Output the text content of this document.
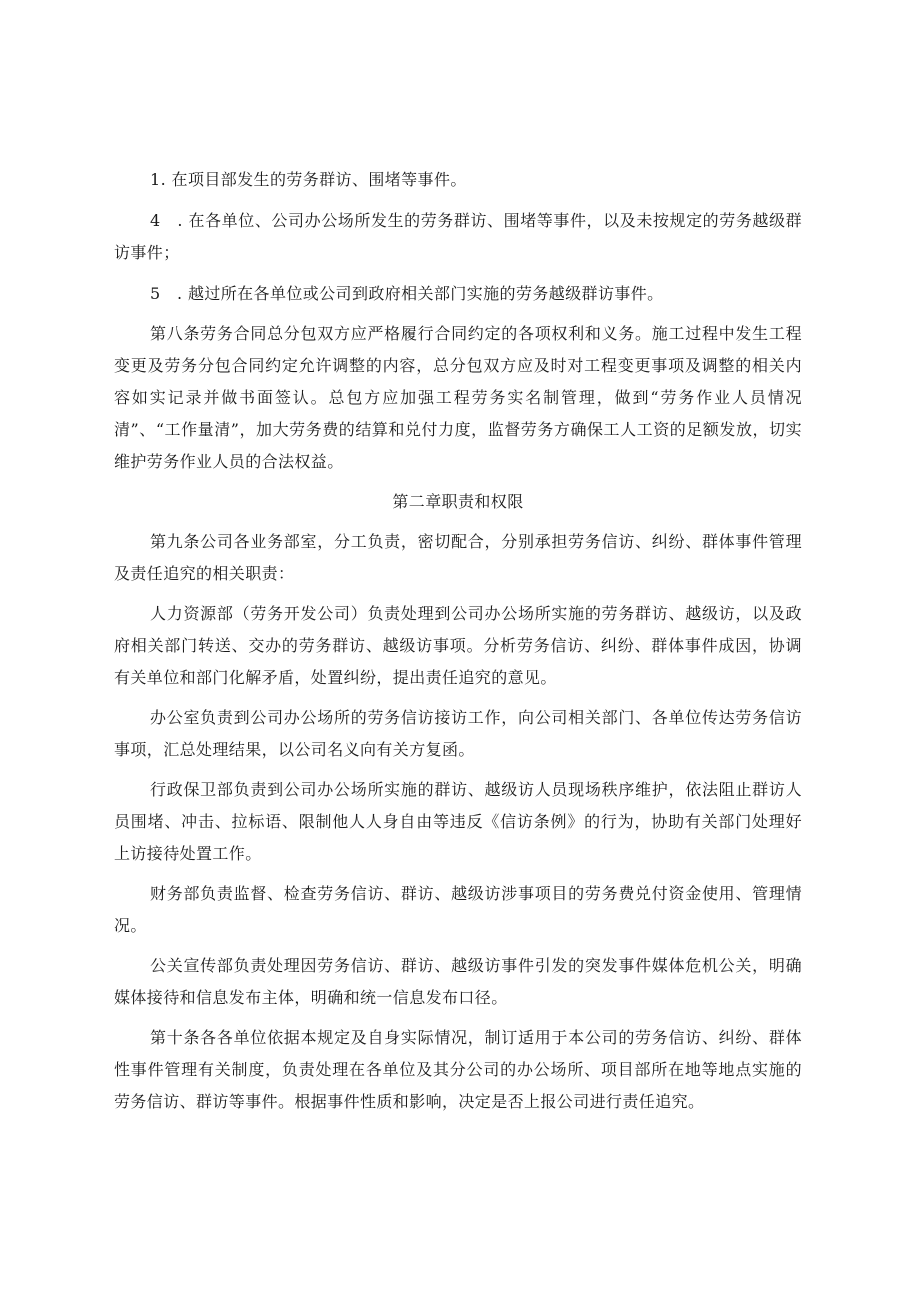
1. 在项目部发生的劳务群访、围堵等事件。

4　. 在各单位、公司办公场所发生的劳务群访、围堵等事件，以及未按规定的劳务越级群访事件；

5　. 越过所在各单位或公司到政府相关部门实施的劳务越级群访事件。

第八条劳务合同总分包双方应严格履行合同约定的各项权利和义务。施工过程中发生工程变更及劳务分包合同约定允许调整的内容，总分包双方应及时对工程变更事项及调整的相关内容如实记录并做书面签认。总包方应加强工程劳务实名制管理，做到“劳务作业人员情况清”、“工作量清”，加大劳务费的结算和兑付力度，监督劳务方确保工人工资的足额发放，切实维护劳务作业人员的合法权益。

第二章职责和权限

第九条公司各业务部室，分工负责，密切配合，分别承担劳务信访、纠纷、群体事件管理及责任追究的相关职责：

人力资源部（劳务开发公司）负责处理到公司办公场所实施的劳务群访、越级访，以及政府相关部门转送、交办的劳务群访、越级访事项。分析劳务信访、纠纷、群体事件成因，协调有关单位和部门化解矛盾，处置纠纷，提出责任追究的意见。

办公室负责到公司办公场所的劳务信访接访工作，向公司相关部门、各单位传达劳务信访事项，汇总处理结果，以公司名义向有关方复函。

行政保卫部负责到公司办公场所实施的群访、越级访人员现场秩序维护，依法阻止群访人员围堵、冲击、拉标语、限制他人人身自由等违反《信访条例》的行为，协助有关部门处理好上访接待处置工作。

财务部负责监督、检查劳务信访、群访、越级访涉事项目的劳务费兑付资金使用、管理情况。

公关宣传部负责处理因劳务信访、群访、越级访事件引发的突发事件媒体危机公关，明确媒体接待和信息发布主体，明确和统一信息发布口径。

第十条各各单位依据本规定及自身实际情况，制订适用于本公司的劳务信访、纠纷、群体性事件管理有关制度，负责处理在各单位及其分公司的办公场所、项目部所在地等地点实施的劳务信访、群访等事件。根据事件性质和影响，决定是否上报公司进行责任追究。
